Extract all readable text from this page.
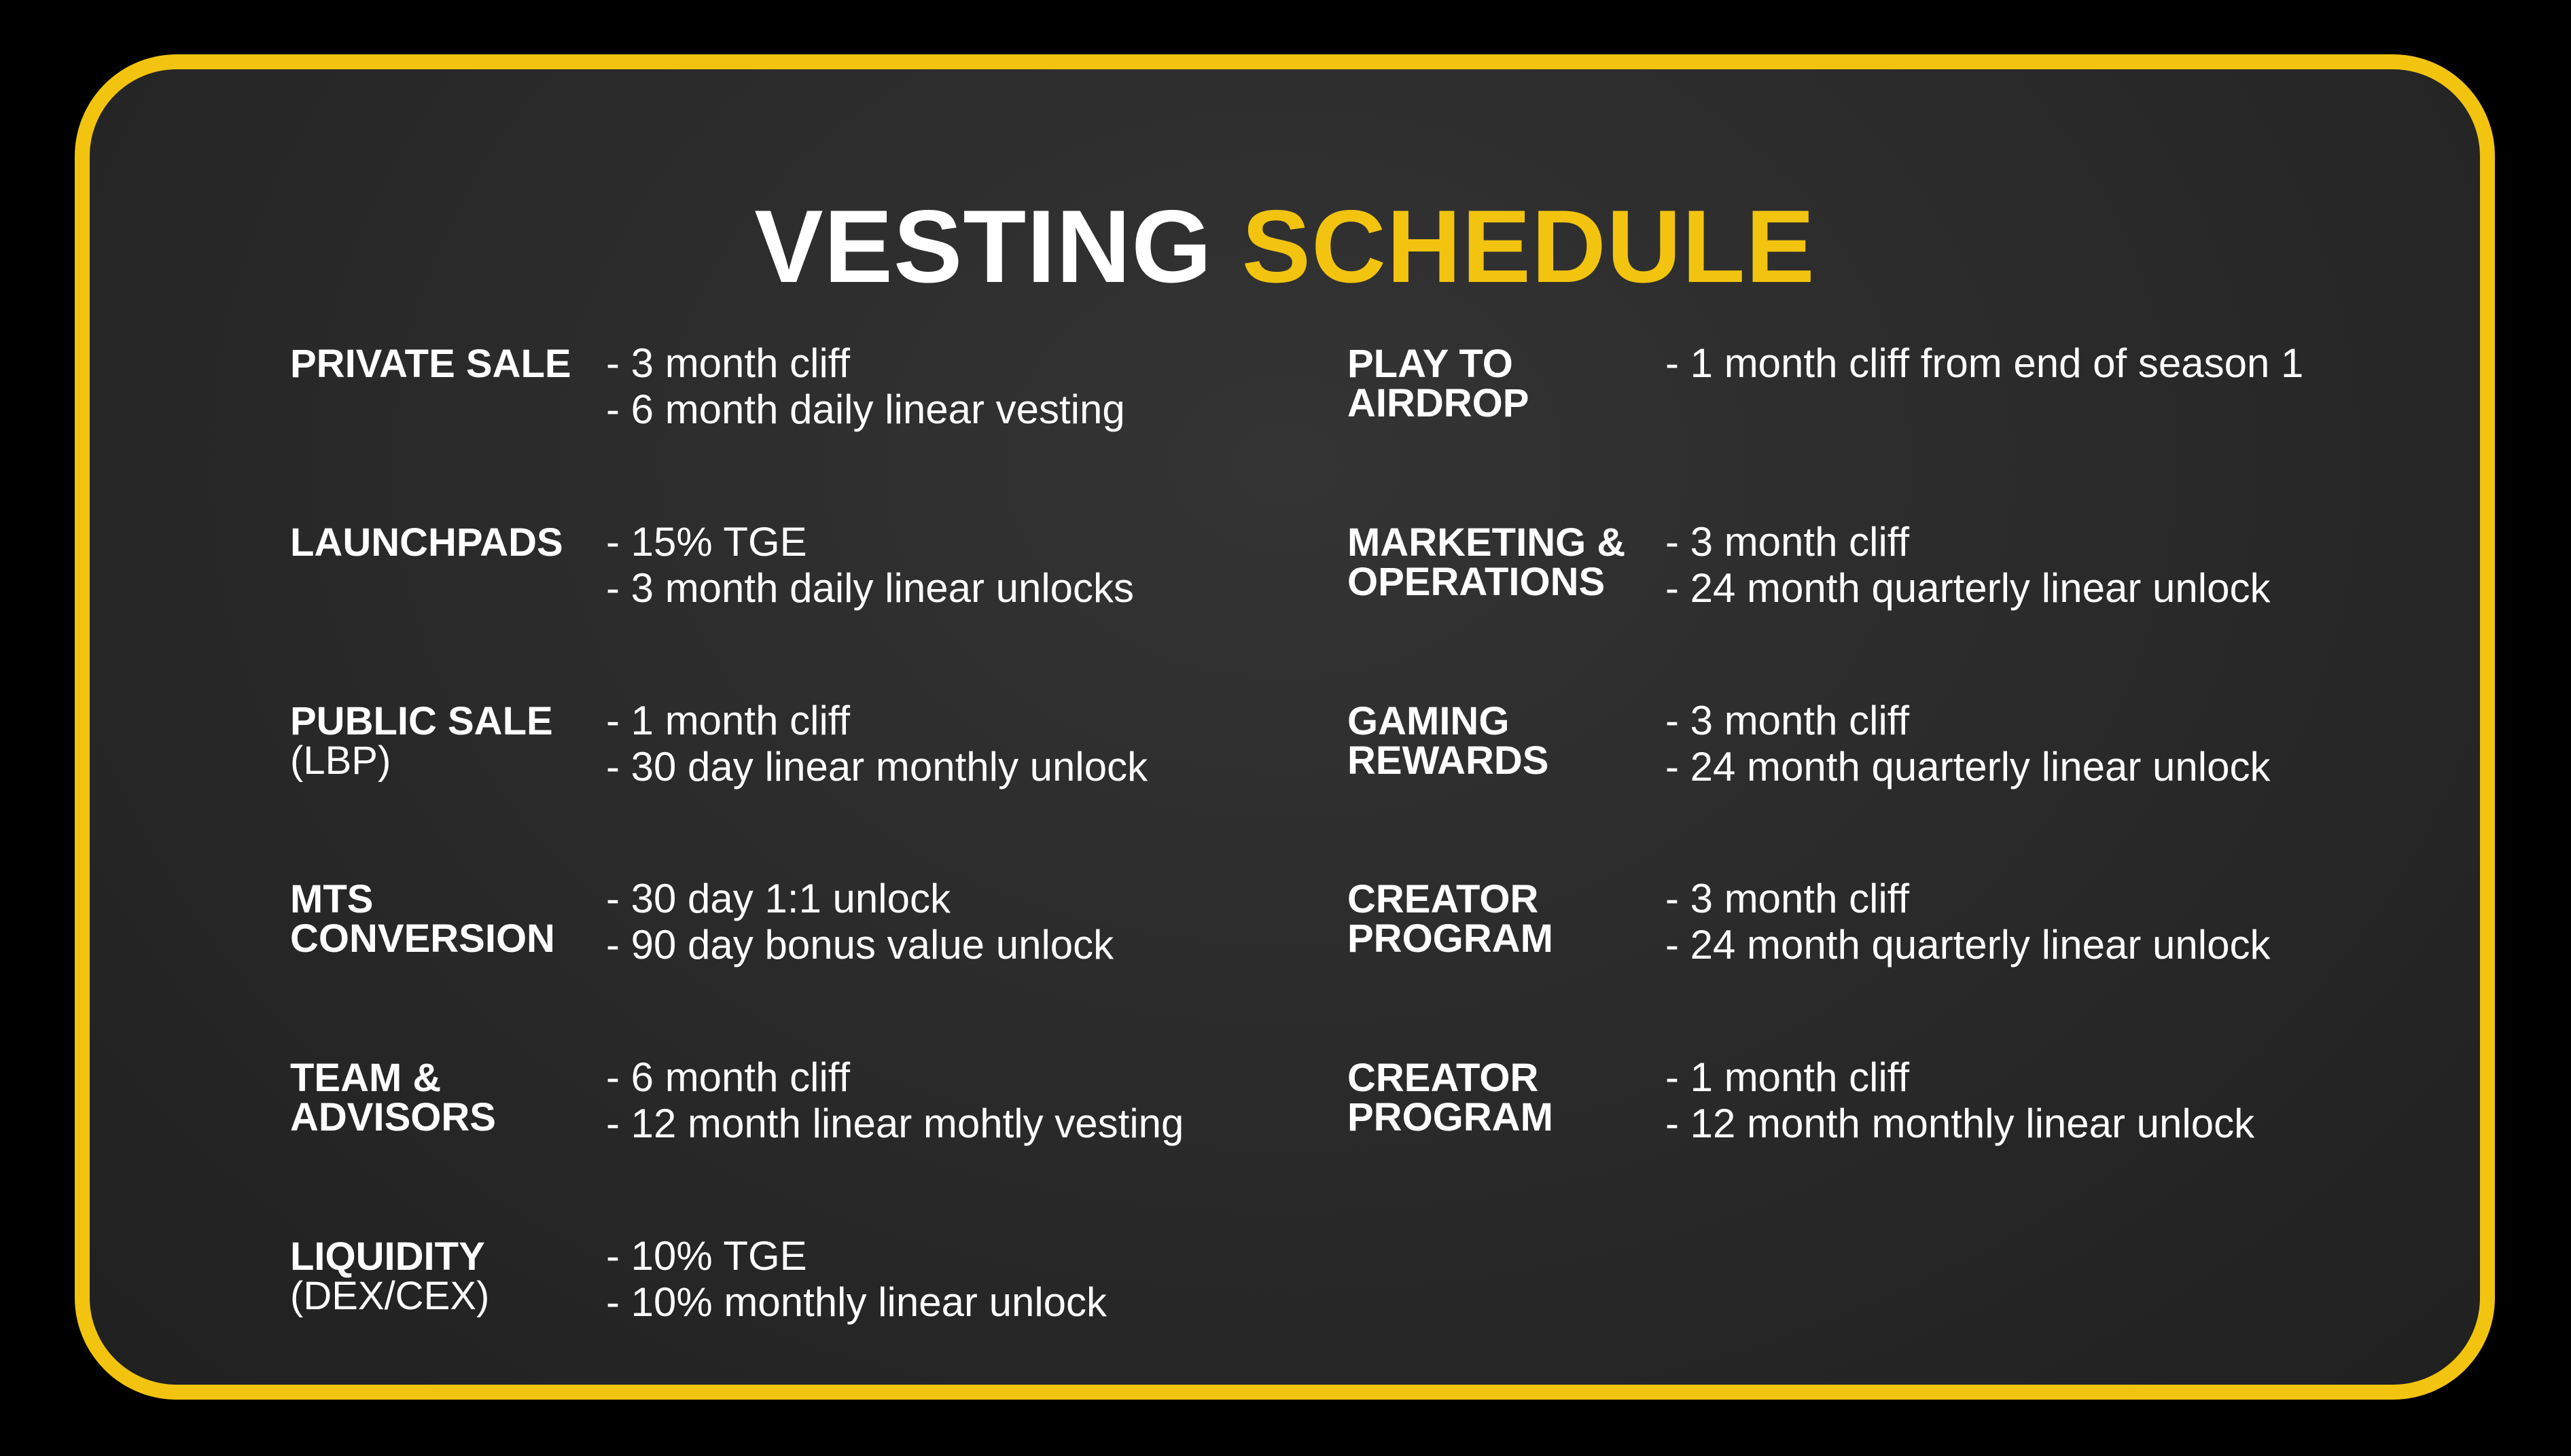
VESTING SCHEDULE
PRIVATE SALE - 3 month cliff
- 6 month daily linear vesting
LAUNCHPADS - 15% TGE
- 3 month daily linear unlocks
PUBLIC SALE
(LBP)
- 1 month cliff
- 30 day linear monthly unlock
MTS
CONVERSION
- 30 day 1:1 unlock
- 90 day bonus value unlock
TEAM &
ADVISORS
- 6 month cliff
- 12 month linear mohtly vesting
LIQUIDITY
(DEX/CEX)
- 10% TGE
- 10% monthly linear unlock
PLAY TO
AIRDROP
- 1 month cliff from end of season 1
MARKETING &
OPERATIONS
- 3 month cliff
- 24 month quarterly linear unlock
GAMING
REWARDS
- 3 month cliff
- 24 month quarterly linear unlock
CREATOR
PROGRAM
- 3 month cliff
- 24 month quarterly linear unlock
CREATOR
PROGRAM
- 1 month cliff
- 12 month monthly linear unlock
